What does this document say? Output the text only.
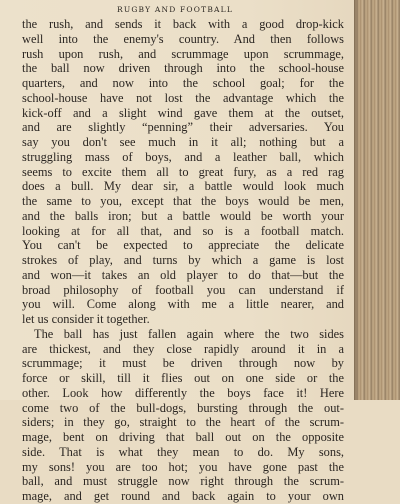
RUGBY AND FOOTBALL
the rush, and sends it back with a good drop-kick
well into the enemy's country. And then follows
rush upon rush, and scrummage upon scrummage,
the ball now driven through into the school-house
quarters, and now into the school goal; for the
school-house have not lost the advantage which the
kick-off and a slight wind gave them at the outset,
and are slightly “penning” their adversaries. You
say you don't see much in it all; nothing but a
struggling mass of boys, and a leather ball, which
seems to excite them all to great fury, as a red rag
does a bull. My dear sir, a battle would look much
the same to you, except that the boys would be men,
and the balls iron; but a battle would be worth your
looking at for all that, and so is a football match.
You can't be expected to appreciate the delicate
strokes of play, and turns by which a game is lost
and won—it takes an old player to do that—but the
broad philosophy of football you can understand if
you will. Come along with me a little nearer, and
let us consider it together.
The ball has just fallen again where the two sides
are thickest, and they close rapidly around it in a
scrummage; it must be driven through now by
force or skill, till it flies out on one side or the
other. Look how differently the boys face it! Here
come two of the bull-dogs, bursting through the out-
siders; in they go, straight to the heart of the scrum-
mage, bent on driving that ball out on the opposite
side. That is what they mean to do. My sons,
my sons! you are too hot; you have gone past the
ball, and must struggle now right through the scrum-
mage, and get round and back again to your own
